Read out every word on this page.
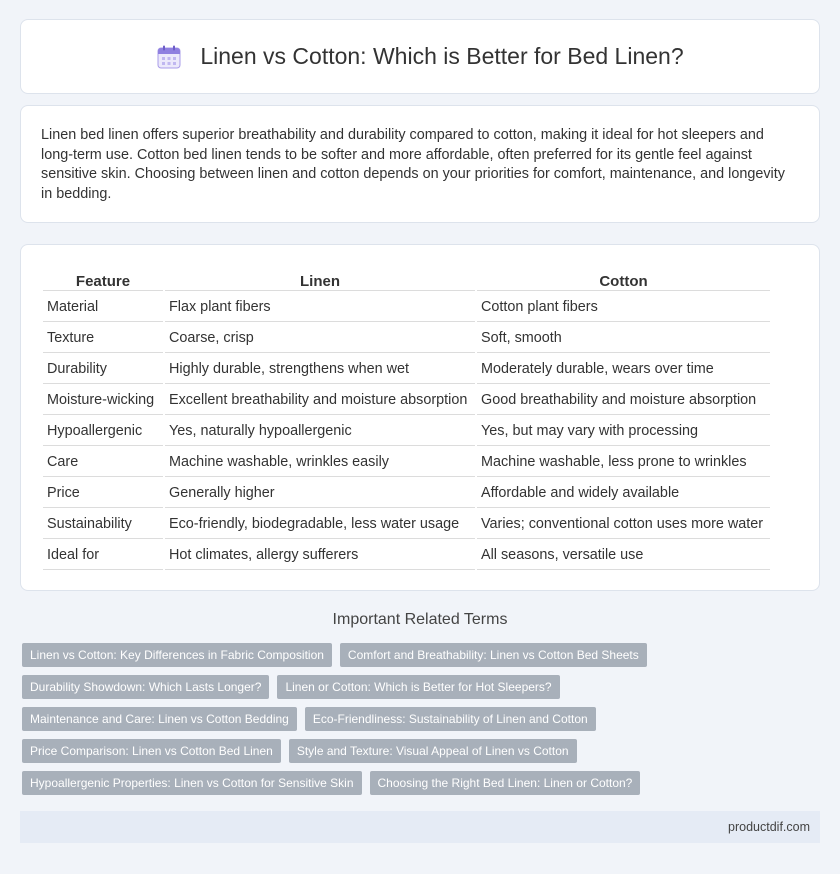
Linen vs Cotton: Which is Better for Bed Linen?

Linen bed linen offers superior breathability and durability compared to cotton, making it ideal for hot sleepers and long-term use. Cotton bed linen tends to be softer and more affordable, often preferred for its gentle feel against sensitive skin. Choosing between linen and cotton depends on your priorities for comfort, maintenance, and longevity in bedding.

Feature	Linen	Cotton
Material	Flax plant fibers	Cotton plant fibers
Texture	Coarse, crisp	Soft, smooth
Durability	Highly durable, strengthens when wet	Moderately durable, wears over time
Moisture-wicking	Excellent breathability and moisture absorption	Good breathability and moisture absorption
Hypoallergenic	Yes, naturally hypoallergenic	Yes, but may vary with processing
Care	Machine washable, wrinkles easily	Machine washable, less prone to wrinkles
Price	Generally higher	Affordable and widely available
Sustainability	Eco-friendly, biodegradable, less water usage	Varies; conventional cotton uses more water
Ideal for	Hot climates, allergy sufferers	All seasons, versatile use
Important Related Terms
Linen vs Cotton: Key Differences in Fabric Composition	Comfort and Breathability: Linen vs Cotton Bed Sheets
Durability Showdown: Which Lasts Longer?	Linen or Cotton: Which is Better for Hot Sleepers?
Maintenance and Care: Linen vs Cotton Bedding	Eco-Friendliness: Sustainability of Linen and Cotton
Price Comparison: Linen vs Cotton Bed Linen	Style and Texture: Visual Appeal of Linen vs Cotton
Hypoallergenic Properties: Linen vs Cotton for Sensitive Skin	Choosing the Right Bed Linen: Linen or Cotton?
productdif.com
